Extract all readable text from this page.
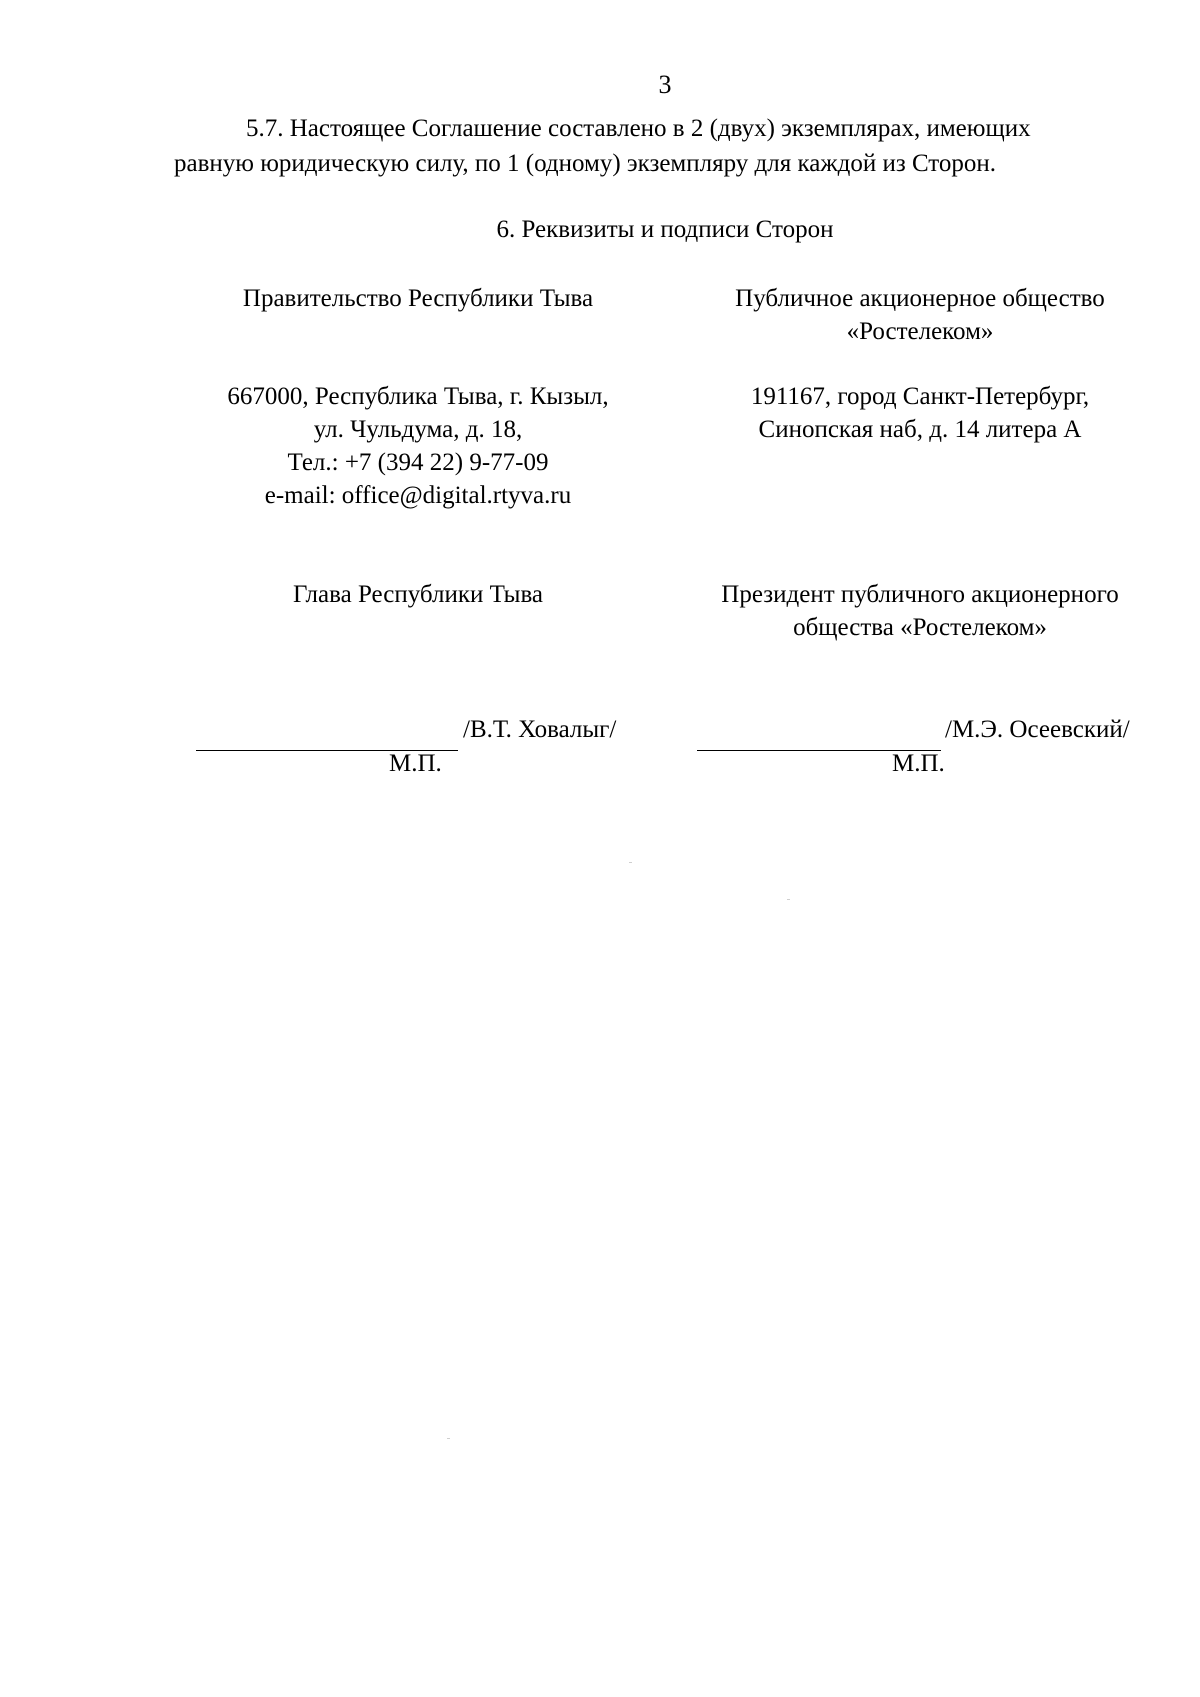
3
5.7. Настоящее Соглашение составлено в 2 (двух) экземплярах, имеющих
равную юридическую силу, по 1 (одному) экземпляру для каждой из Сторон.
6. Реквизиты и подписи Сторон
Правительство Республики Тыва
667000, Республика Тыва, г. Кызыл,
ул. Чульдума, д. 18,
Тел.: +7 (394 22) 9-77-09
e-mail: office@digital.rtyva.ru
Глава Республики Тыва
/В.Т. Ховалыг/
М.П.
Публичное акционерное общество
«Ростелеком»
191167, город Санкт-Петербург,
Синопская наб, д. 14 литера А
Президент публичного акционерного
общества «Ростелеком»
/М.Э. Осеевский/
М.П.
